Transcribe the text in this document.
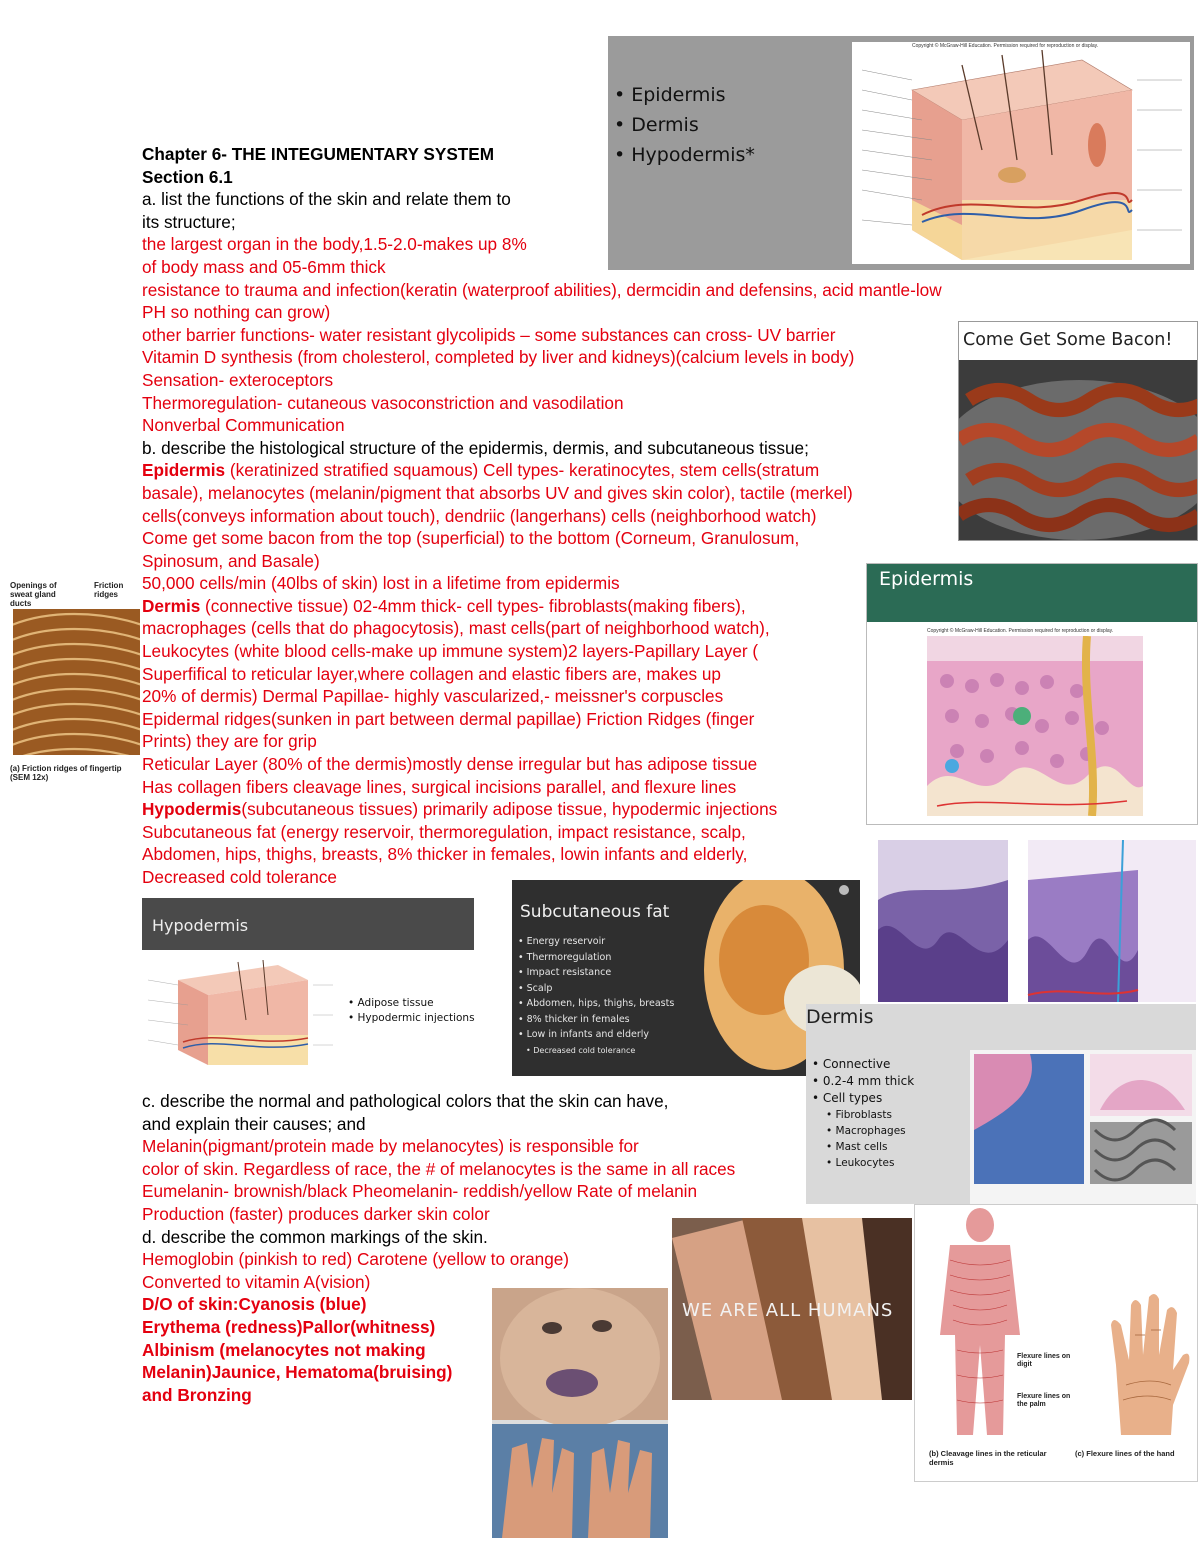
Chapter 6- THE INTEGUMENTARY SYSTEM
Section 6.1
a. list the functions of the skin and relate them to
its structure;
the largest organ in the body,1.5-2.0-makes up 8%
of body mass and 05-6mm thick
resistance to trauma and infection(keratin (waterproof abilities), dermcidin and defensins, acid mantle-low
PH so nothing can grow)
other barrier functions- water resistant glycolipids – some substances can cross- UV barrier
Vitamin D synthesis (from cholesterol, completed by liver and kidneys)(calcium levels in body)
Sensation- exteroceptors
Thermoregulation- cutaneous vasoconstriction and vasodilation
Nonverbal Communication
b. describe the histological structure of the epidermis, dermis, and subcutaneous tissue;
Epidermis (keratinized stratified squamous) Cell types- keratinocytes, stem cells(stratum
basale), melanocytes (melanin/pigment that absorbs UV and gives skin color), tactile (merkel)
cells(conveys information about touch), dendriic (langerhans) cells (neighborhood watch)
Come get some bacon from the top (superficial) to the bottom (Corneum, Granulosum,
Spinosum, and Basale)
50,000 cells/min (40lbs of skin) lost in a lifetime from epidermis
Dermis (connective tissue) 02-4mm thick- cell types- fibroblasts(making fibers),
macrophages (cells that do phagocytosis), mast cells(part of neighborhood watch),
Leukocytes (white blood cells-make up immune system)2 layers-Papillary Layer (
Superfifical to reticular layer,where collagen and elastic fibers are, makes up
20% of dermis) Dermal Papillae- highly vascularized,- meissner's corpuscles
Epidermal ridges(sunken in part between dermal papillae) Friction Ridges (finger
Prints) they are for grip
Reticular Layer (80% of the dermis)mostly dense irregular but has adipose tissue
Has collagen fibers cleavage lines, surgical incisions parallel, and flexure lines
Hypodermis(subcutaneous tissues) primarily adipose tissue, hypodermic injections
Subcutaneous fat (energy reservoir, thermoregulation, impact resistance, scalp,
Abdomen, hips, thighs, breasts, 8% thicker in females, lowin infants and elderly,
Decreased cold tolerance
c. describe the normal and pathological colors that the skin can have,
and explain their causes; and
Melanin(pigmant/protein made by melanocytes) is responsible for
color of skin. Regardless of race, the # of melanocytes is the same in all races
Eumelanin- brownish/black Pheomelanin- reddish/yellow Rate of melanin
Production (faster) produces darker skin color
d. describe the common markings of the skin.
Hemoglobin (pinkish to red) Carotene (yellow to orange)
Converted to vitamin A(vision)
D/O of skin:Cyanosis (blue)
Erythema (redness)Pallor(whitness)
Albinism (melanocytes not making
Melanin)Jaunice, Hematoma(bruising)
and Bronzing
• Epidermis
• Dermis
• Hypodermis*
Copyright © McGraw-Hill Education. Permission required for reproduction or display.
Come Get Some Bacon!
Epidermis
Copyright © McGraw-Hill Education. Permission required for reproduction or display.
Openings of sweat gland ducts
Friction ridges
(a) Friction ridges of fingertip (SEM 12x)
Hypodermis
• Adipose tissue
• Hypodermic injections
Subcutaneous fat
• Energy reservoir
• Thermoregulation
• Impact resistance
• Scalp
• Abdomen, hips, thighs, breasts
• 8% thicker in females
• Low in infants and elderly
• Decreased cold tolerance
Dermis
• Connective
• 0.2-4 mm thick
• Cell types
• Fibroblasts
• Macrophages
• Mast cells
• Leukocytes
WE ARE ALL HUMANS
Flexure lines on digit
Flexure lines on the palm
(b) Cleavage lines in the reticular dermis
(c) Flexure lines of the hand
